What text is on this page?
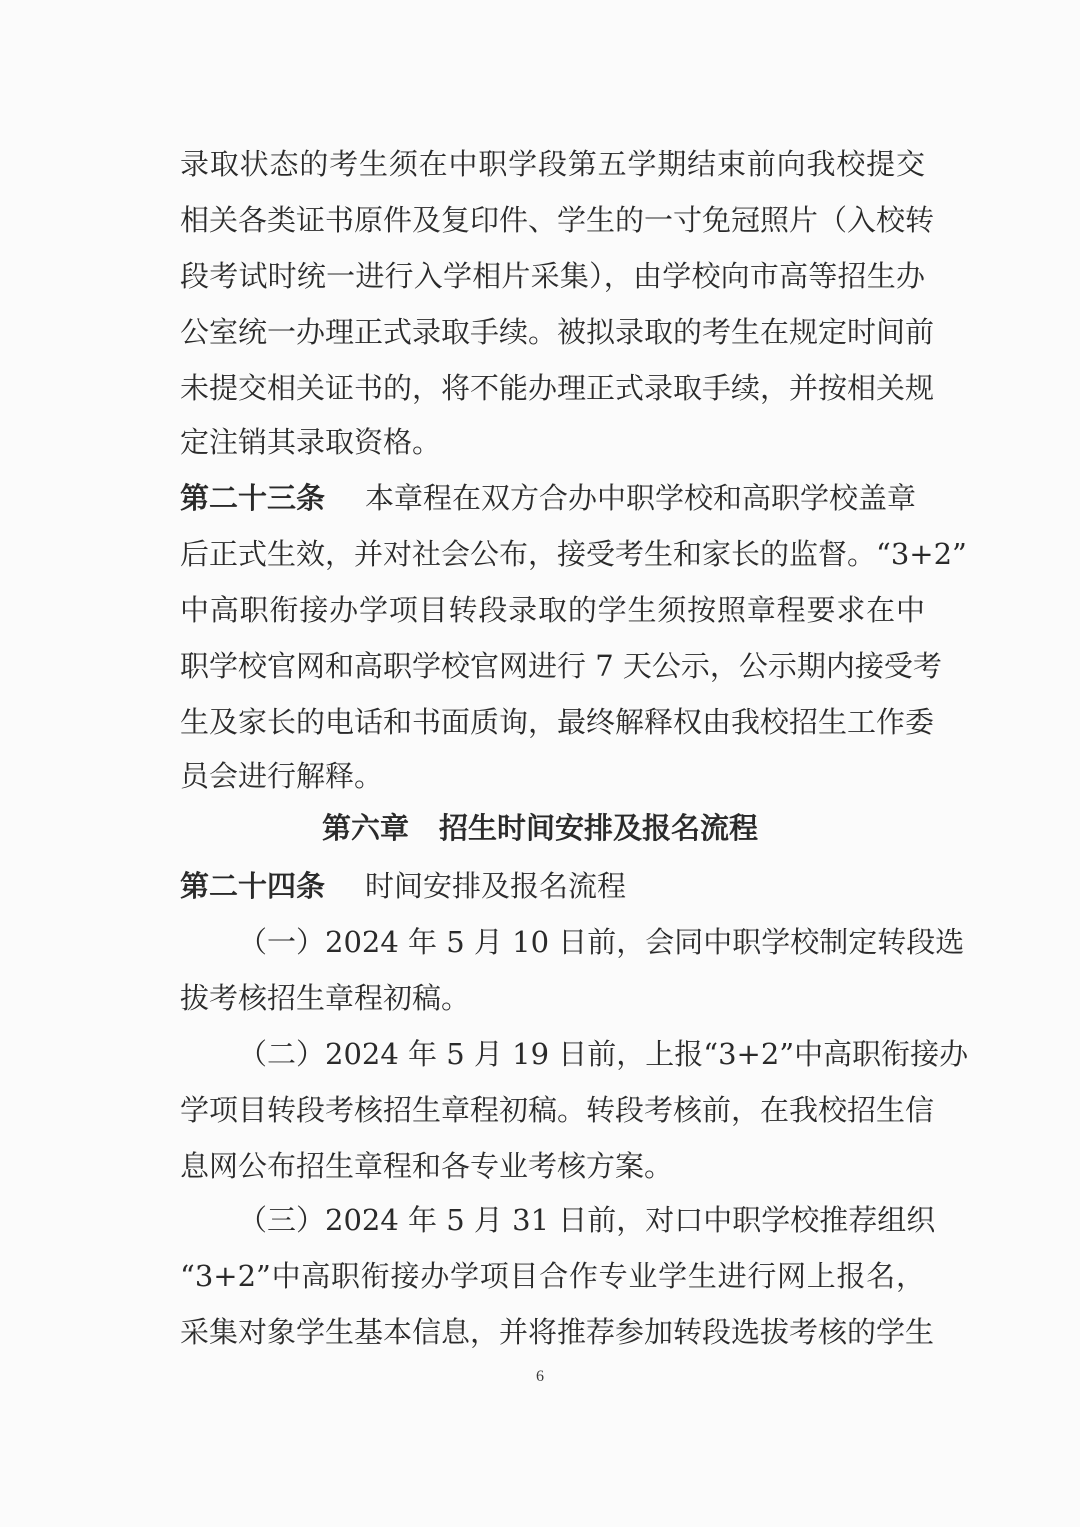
录取状态的考生须在中职学段第五学期结束前向我校提交
相关各类证书原件及复印件、学生的一寸免冠照片（入校转
段考试时统一进行入学相片采集），由学校向市高等招生办
公室统一办理正式录取手续。被拟录取的考生在规定时间前
未提交相关证书的，将不能办理正式录取手续，并按相关规
定注销其录取资格。
第二十三条 本章程在双方合办中职学校和高职学校盖章
后正式生效，并对社会公布，接受考生和家长的监督。“3+2”
中高职衔接办学项目转段录取的学生须按照章程要求在中
职学校官网和高职学校官网进行 7 天公示，公示期内接受考
生及家长的电话和书面质询，最终解释权由我校招生工作委
员会进行解释。
第六章 招生时间安排及报名流程
第二十四条 时间安排及报名流程
（一）2024 年 5 月 10 日前，会同中职学校制定转段选
拔考核招生章程初稿。
（二）2024 年 5 月 19 日前，上报“3+2”中高职衔接办
学项目转段考核招生章程初稿。转段考核前，在我校招生信
息网公布招生章程和各专业考核方案。
（三）2024 年 5 月 31 日前，对口中职学校推荐组织
“3+2”中高职衔接办学项目合作专业学生进行网上报名，
采集对象学生基本信息，并将推荐参加转段选拔考核的学生
6
